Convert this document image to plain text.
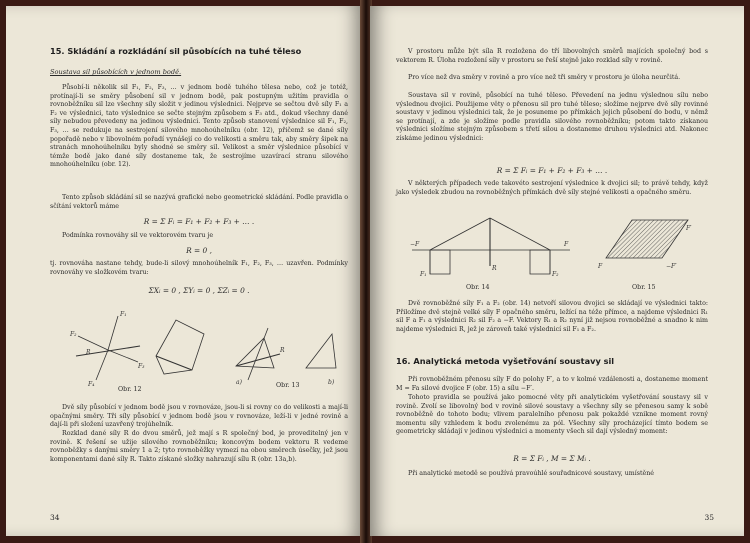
15. Skládání a rozkládání sil působících na tuhé těleso
Soustava sil působících v jednom bodě.
Působí-li několik sil F₁, F₂, F₃, … v jednom bodě tuhého tělesa nebo, což je totéž, protínají-li se směry působení sil v jednom bodě, pak postupným užitím pravidla o rovnoběžníku sil lze všechny síly složit v jedinou výslednici. Nejprve se sečtou dvě síly F₁ a F₂ ve výslednici, tato výslednice se sečte stejným způsobem s F₃ atd., dokud všechny dané síly nebudou převedeny na jedinou výslednici. Tento způsob stanovení výslednice sil F₁, F₂, F₃, … se redukuje na sestrojení silového mnohoúhelníku (obr. 12), přičemž se dané síly popořadě nebo v libovolném pořadí vynášejí co do velikosti a směru tak, aby směry šipek na stranách mnohoúhelníku byly shodné se směry sil. Velikost a směr výslednice působící v témže bodě jako dané síly dostaneme tak, že sestrojíme uzavírací stranu silového mnohoúhelníku (obr. 12).
Tento způsob skládání sil se nazývá grafické nebo geometrické skládání. Podle pravidla o sčítání vektorů máme
R = Σ Fᵢ = F₁ + F₂ + F₃ + … .
Podmínka rovnováhy sil ve vektorovém tvaru je
R = 0 ,
tj. rovnováha nastane tehdy, bude-li silový mnohoúhelník F₁, F₂, F₃, … uzavřen. Podmínky rovnováhy ve složkovém tvaru:
ΣXᵢ = 0 , ΣYᵢ = 0 , ΣZᵢ = 0 .
F₁
F₂
R
F₃
F₄	a)	b)
R
Obr. 12
Obr. 13
Dvě síly působící v jednom bodě jsou v rovnováze, jsou-li si rovny co do velikosti a mají-li opačnými směry. Tři síly působící v jednom bodě jsou v rovnováze, leží-li v jedné rovině a dají-li při složení uzavřený trojúhelník.
Rozklad dané síly R do dvou směrů, jež mají s R společný bod, je proveditelný jen v rovině. K řešení se užije silového rovnoběžníku; koncovým bodem vektoru R vedeme rovnoběžky s danými směry 1 a 2; tyto rovnoběžky vymezí na obou směrech úsečky, jež jsou komponentami dané síly R. Takto získané složky nahrazují sílu R (obr. 13a,b).
34
V prostoru může být síla R rozložena do tří libovolných směrů majících společný bod s vektorem R. Úloha rozložení síly v prostoru se řeší stejně jako rozklad síly v rovině.
Pro více než dva směry v rovině a pro více než tři směry v prostoru je úloha neurčitá.
Soustava sil v rovině, působící na tuhé těleso. Převedení na jednu výslednou sílu nebo výslednou dvojici. Použijeme věty o přenosu sil pro tuhé těleso; složíme nejprve dvě síly rovinné soustavy v jedinou výslednici tak, že je posuneme po přímkách jejich působení do bodu, v němž se protínají, a zde je složíme podle pravidla silového rovnoběžníku; potom takto získanou výslednici složíme stejným způsobem s třetí silou a dostaneme druhou výslednici atd. Nakonec získáme jedinou výslednici:
R = Σ Fᵢ = F₁ + F₂ + F₃ + … .
V některých případech vede takovéto sestrojení výslednice k dvojici sil; to právě tehdy, když jako výsledek zbudou na rovnoběžných přímkách dvě síly stejné velikosti a opačného směru.
−F	F
R
F₁	F₂
F	−F′
F′
Obr. 14	Obr. 15
Dvě rovnoběžné síly F₁ a F₂ (obr. 14) netvoří silovou dvojici se skládají ve výslednici takto: Přiložíme dvě stejně velké síly F opačného směru, ležící na téže přímce, a najdeme výslednici R₁ sil F a F₁ a výslednici R₂ sil F₂ a −F. Vektory R₁ a R₂ nyní již nejsou rovnoběžné a snadno k nim najdeme výslednici R, jež je zároveň také výslednicí sil F₁ a F₂.
16. Analytická metoda vyšetřování soustavy sil
Při rovnoběžném přenosu síly F do polohy F′, a to v kolmé vzdálenosti a, dostaneme moment M = Fa silové dvojice F (obr. 15) a sílu −F′.
Tohoto pravidla se používá jako pomocné věty při analytickém vyšetřování soustavy sil v rovině. Zvolí se libovolný bod v rovině silové soustavy a všechny síly se přenesou samy k sobě rovnoběžně do tohoto bodu; vlivem paralelního přenosu pak pokaždé vznikne moment rovný momentu síly vzhledem k bodu zvolenému za pól. Všechny síly procházející tímto bodem se geometricky skládají v jedinou výslednici a momenty všech sil dají výsledný moment:
R = Σ Fᵢ , M = Σ Mᵢ .
Při analytické metodě se používá pravoúhlé souřadnicové soustavy, umístěné
35
